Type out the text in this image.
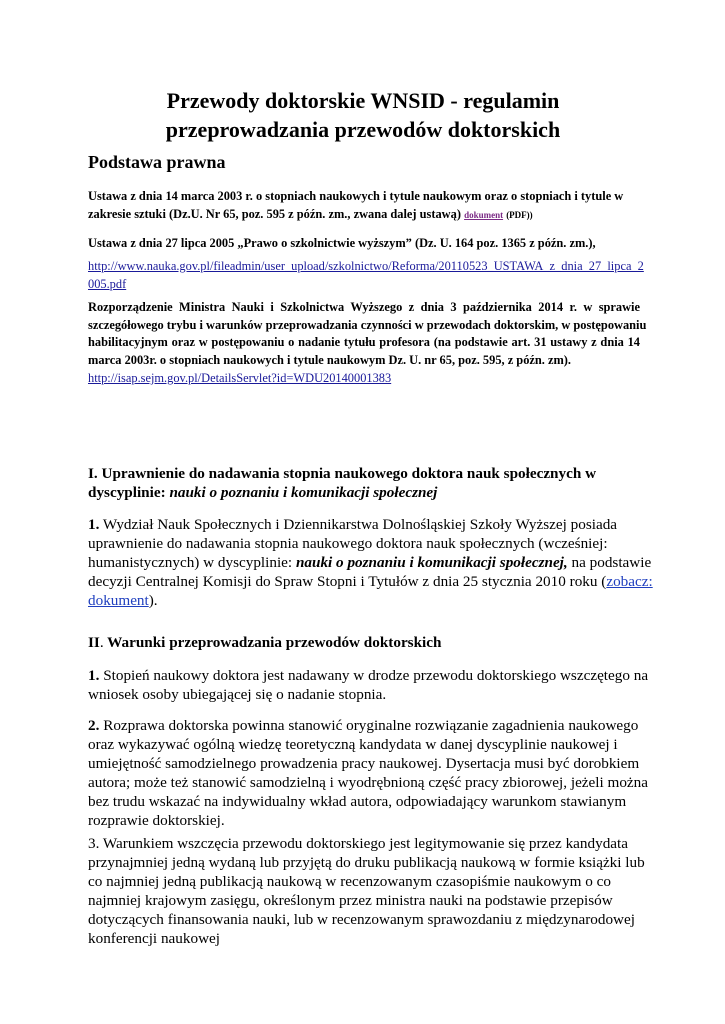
Przewody doktorskie WNSID - regulamin
przeprowadzania przewodów doktorskich
Podstawa prawna
Ustawa z dnia 14 marca 2003 r. o stopniach naukowych i tytule naukowym oraz o stopniach i tytule w
zakresie sztuki (Dz.U. Nr 65, poz. 595 z późn. zm., zwana dalej ustawą) dokument (PDF))
Ustawa z dnia 27 lipca 2005 „Prawo o szkolnictwie wyższym” (Dz. U. 164 poz. 1365 z późn. zm.),
http://www.nauka.gov.pl/fileadmin/user_upload/szkolnictwo/Reforma/20110523_USTAWA_z_dnia_27_lipca_2
005.pdf
Rozporządzenie Ministra Nauki i Szkolnictwa Wyższego z dnia 3 października 2014 r. w sprawie
szczegółowego trybu i warunków przeprowadzania czynności w przewodach doktorskim, w postępowaniu
habilitacyjnym oraz w postępowaniu o nadanie tytułu profesora (na podstawie art. 31 ustawy z dnia 14
marca 2003r. o stopniach naukowych i tytule naukowym Dz. U. nr 65, poz. 595, z późn. zm).
http://isap.sejm.gov.pl/DetailsServlet?id=WDU20140001383
I. Uprawnienie do nadawania stopnia naukowego doktora nauk społecznych w
dyscyplinie: nauki o poznaniu i komunikacji społecznej
1. Wydział Nauk Społecznych i Dziennikarstwa Dolnośląskiej Szkoły Wyższej posiada
uprawnienie do nadawania stopnia naukowego doktora nauk społecznych (wcześniej:
humanistycznych) w dyscyplinie: nauki o poznaniu i komunikacji społecznej, na podstawie
decyzji Centralnej Komisji do Spraw Stopni i Tytułów z dnia 25 stycznia 2010 roku (zobacz:
dokument).
II. Warunki przeprowadzania przewodów doktorskich
1. Stopień naukowy doktora jest nadawany w drodze przewodu doktorskiego wszczętego na
wniosek osoby ubiegającej się o nadanie stopnia.
2. Rozprawa doktorska powinna stanowić oryginalne rozwiązanie zagadnienia naukowego
oraz wykazywać ogólną wiedzę teoretyczną kandydata w danej dyscyplinie naukowej i
umiejętność samodzielnego prowadzenia pracy naukowej. Dysertacja musi być dorobkiem
autora; może też stanowić samodzielną i wyodrębnioną część pracy zbiorowej, jeżeli można
bez trudu wskazać na indywidualny wkład autora, odpowiadający warunkom stawianym
rozprawie doktorskiej.
3. Warunkiem wszczęcia przewodu doktorskiego jest legitymowanie się przez kandydata
przynajmniej jedną wydaną lub przyjętą do druku publikacją naukową w formie książki lub
co najmniej jedną publikacją naukową w recenzowanym czasopiśmie naukowym o co
najmniej krajowym zasięgu, określonym przez ministra nauki na podstawie przepisów
dotyczących finansowania nauki, lub w recenzowanym sprawozdaniu z międzynarodowej
konferencji naukowej
